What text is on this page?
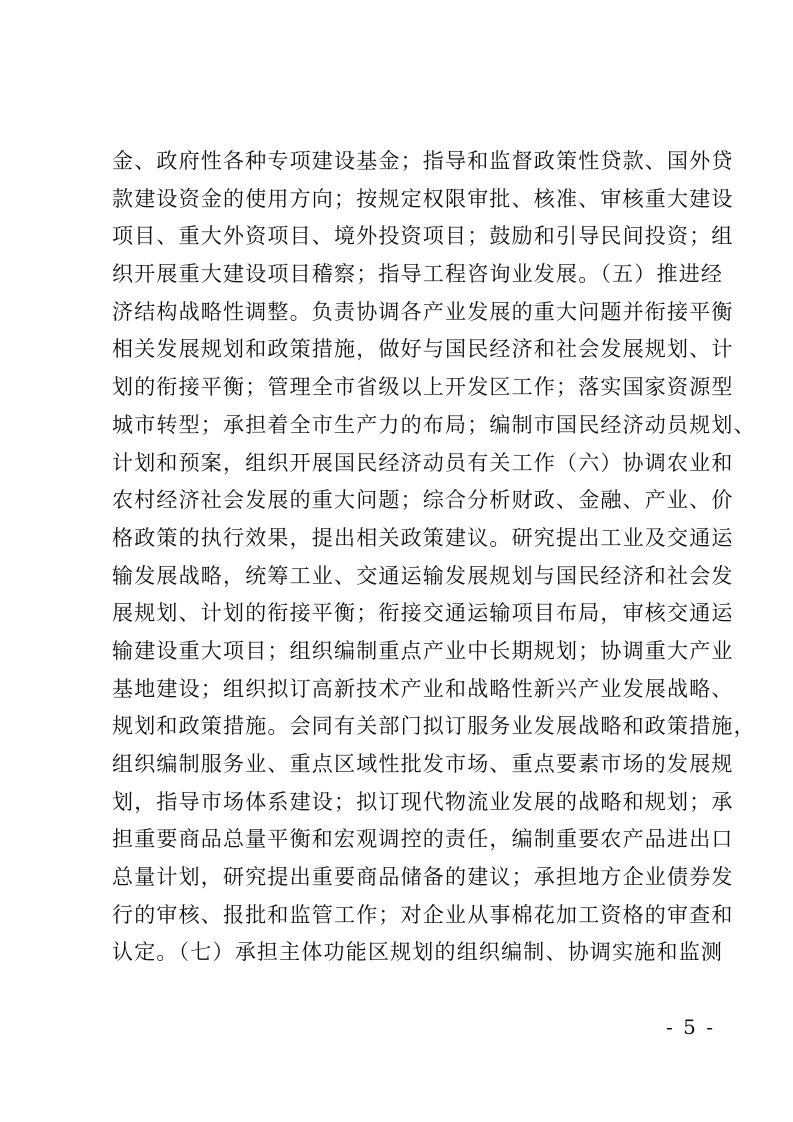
金、政府性各种专项建设基金；指导和监督政策性贷款、国外贷
款建设资金的使用方向；按规定权限审批、核准、审核重大建设
项目、重大外资项目、境外投资项目；鼓励和引导民间投资；组
织开展重大建设项目稽察；指导工程咨询业发展。（五）推进经
济结构战略性调整。负责协调各产业发展的重大问题并衔接平衡
相关发展规划和政策措施，做好与国民经济和社会发展规划、计
划的衔接平衡；管理全市省级以上开发区工作；落实国家资源型
城市转型；承担着全市生产力的布局；编制市国民经济动员规划、
计划和预案，组织开展国民经济动员有关工作（六）协调农业和
农村经济社会发展的重大问题；综合分析财政、金融、产业、价
格政策的执行效果，提出相关政策建议。研究提出工业及交通运
输发展战略，统筹工业、交通运输发展规划与国民经济和社会发
展规划、计划的衔接平衡；衔接交通运输项目布局，审核交通运
输建设重大项目；组织编制重点产业中长期规划；协调重大产业
基地建设；组织拟订高新技术产业和战略性新兴产业发展战略、
规划和政策措施。会同有关部门拟订服务业发展战略和政策措施，
组织编制服务业、重点区域性批发市场、重点要素市场的发展规
划，指导市场体系建设；拟订现代物流业发展的战略和规划；承
担重要商品总量平衡和宏观调控的责任，编制重要农产品进出口
总量计划，研究提出重要商品储备的建议；承担地方企业债券发
行的审核、报批和监管工作；对企业从事棉花加工资格的审查和
认定。（七）承担主体功能区规划的组织编制、协调实施和监测
- 5 -
